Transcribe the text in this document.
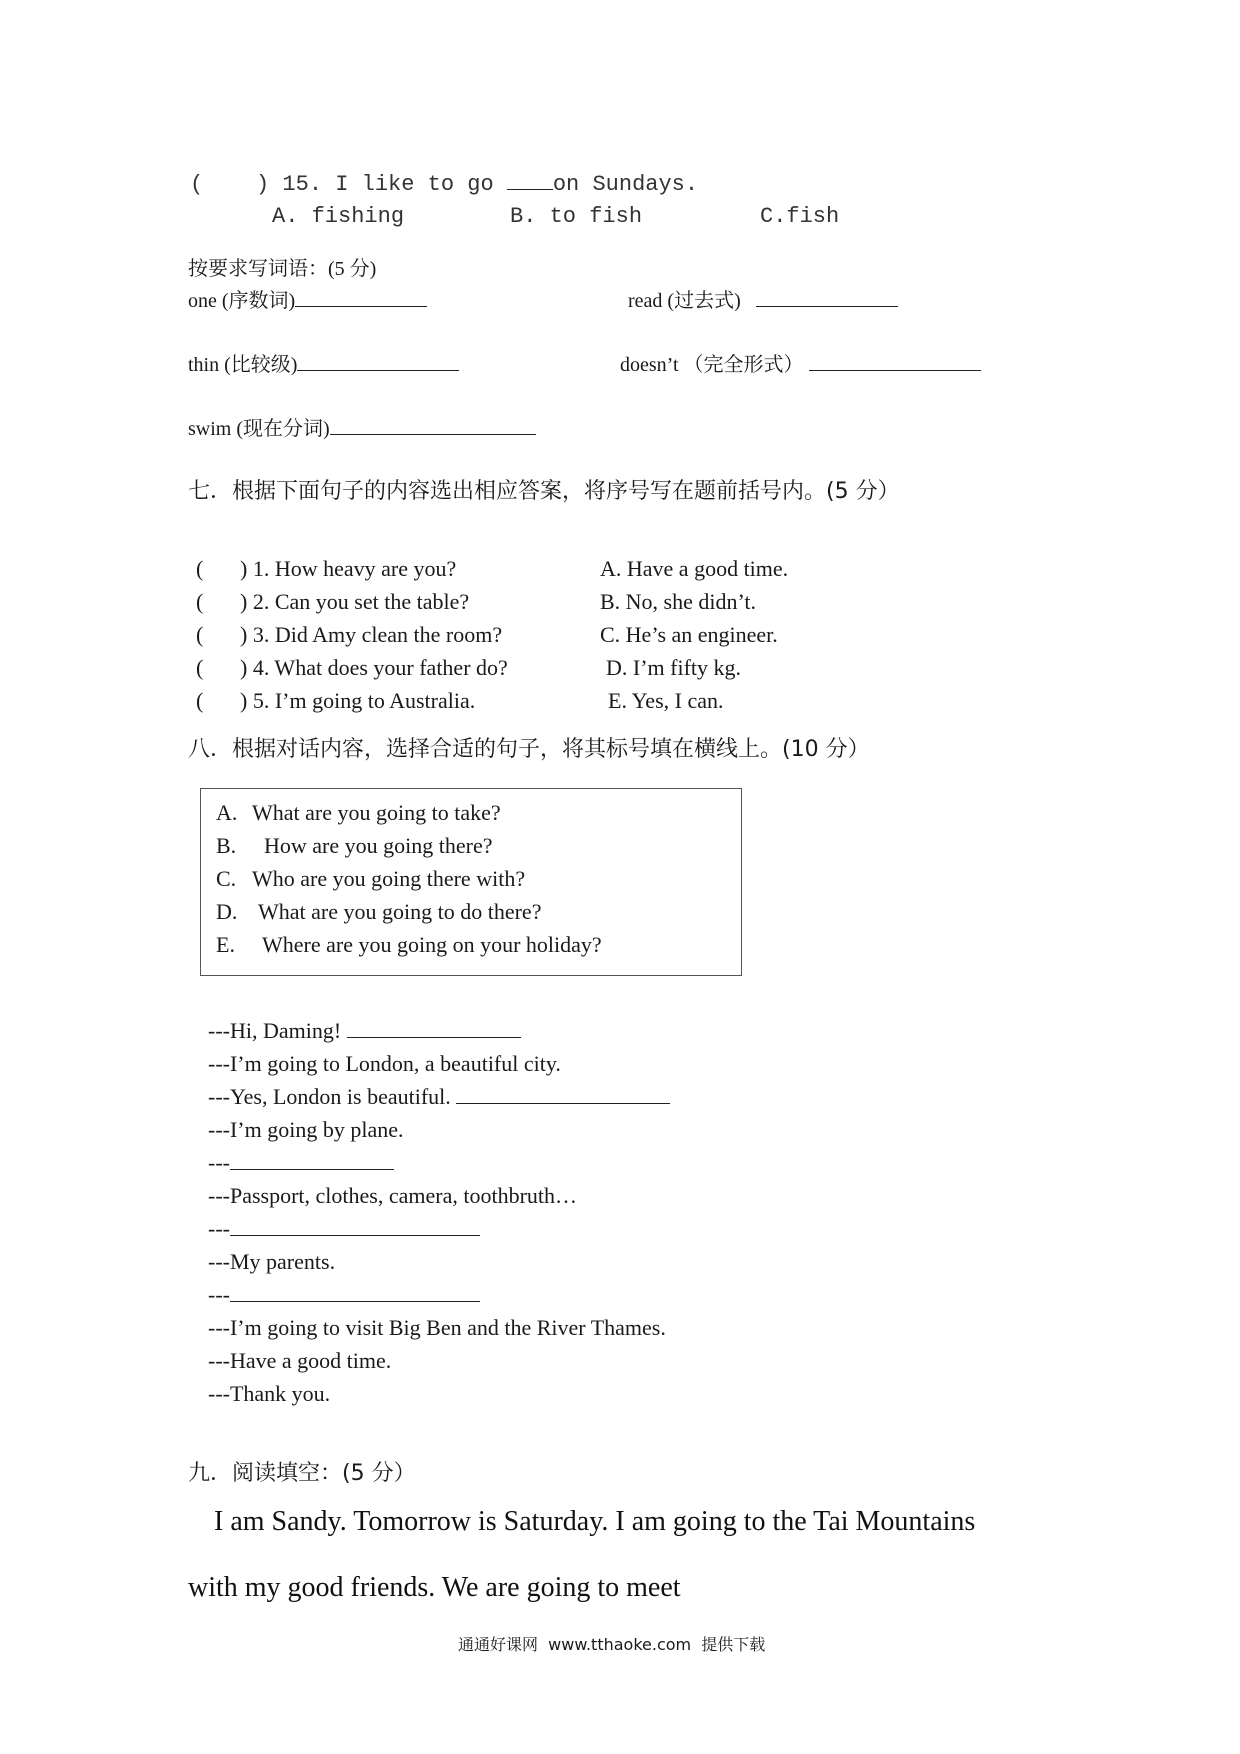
(    ) 15. I like to go on Sundays.
A. fishing	B. to fish	C.fish
按要求写词语：(5 分)
one (序数词)	read (过去式)
thin (比较级)	doesn’t （完全形式）
swim (现在分词)
七．根据下面句子的内容选出相应答案，将序号写在题前括号内。(5 分）
( ) 1. How heavy are you?	A. Have a good time.
( ) 2. Can you set the table?	B. No, she didn’t.
( ) 3. Did Amy clean the room?	C. He’s an engineer.
( ) 4. What does your father do?	D. I’m fifty kg.
( ) 5. I’m going to Australia.	E. Yes, I can.
八．根据对话内容，选择合适的句子，将其标号填在横线上。(10 分）
A. What are you going to take?
B. How are you going there?
C. Who are you going there with?
D. What are you going to do there?
E. Where are you going on your holiday?
---Hi, Daming!
---I’m going to London, a beautiful city.
---Yes, London is beautiful.
---I’m going by plane.
---
---Passport, clothes, camera, toothbruth…
---
---My parents.
---
---I’m going to visit Big Ben and the River Thames.
---Have a good time.
---Thank you.
九．阅读填空：(5 分）
I am Sandy. Tomorrow is Saturday. I am going to the Tai Mountains
with my good friends. We are going to meet
通通好课网  www.tthaoke.com  提供下载
